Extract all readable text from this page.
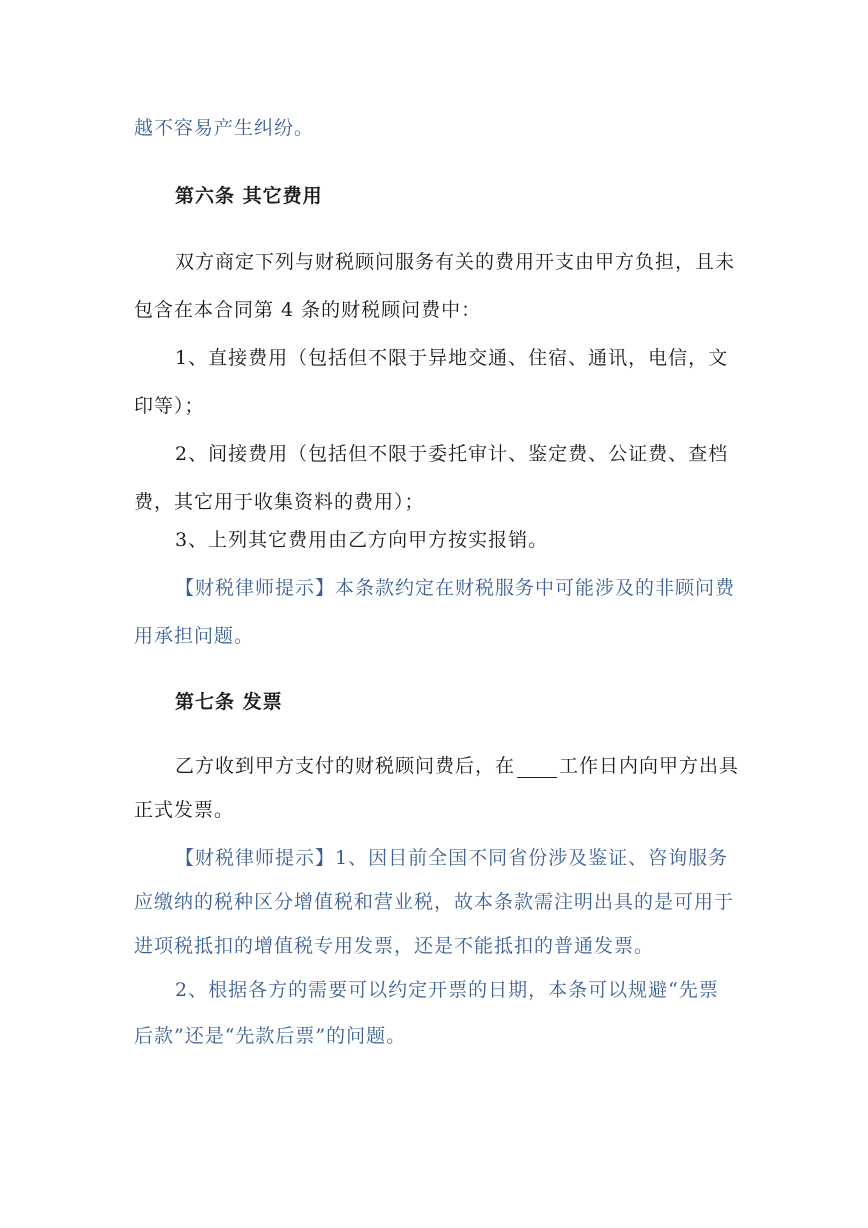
越不容易产生纠纷。
第六条 其它费用
双方商定下列与财税顾问服务有关的费用开支由甲方负担，且未
包含在本合同第 4 条的财税顾问费中：
1、直接费用（包括但不限于异地交通、住宿、通讯，电信，文
印等）；
2、间接费用（包括但不限于委托审计、鉴定费、公证费、查档
费，其它用于收集资料的费用）；
3、上列其它费用由乙方向甲方按实报销。
【财税律师提示】本条款约定在财税服务中可能涉及的非顾问费
用承担问题。
第七条 发票
乙方收到甲方支付的财税顾问费后，在 工作日内向甲方出具
正式发票。
【财税律师提示】1、因目前全国不同省份涉及鉴证、咨询服务
应缴纳的税种区分增值税和营业税，故本条款需注明出具的是可用于
进项税抵扣的增值税专用发票，还是不能抵扣的普通发票。
2、根据各方的需要可以约定开票的日期，本条可以规避“先票
后款”还是“先款后票”的问题。
